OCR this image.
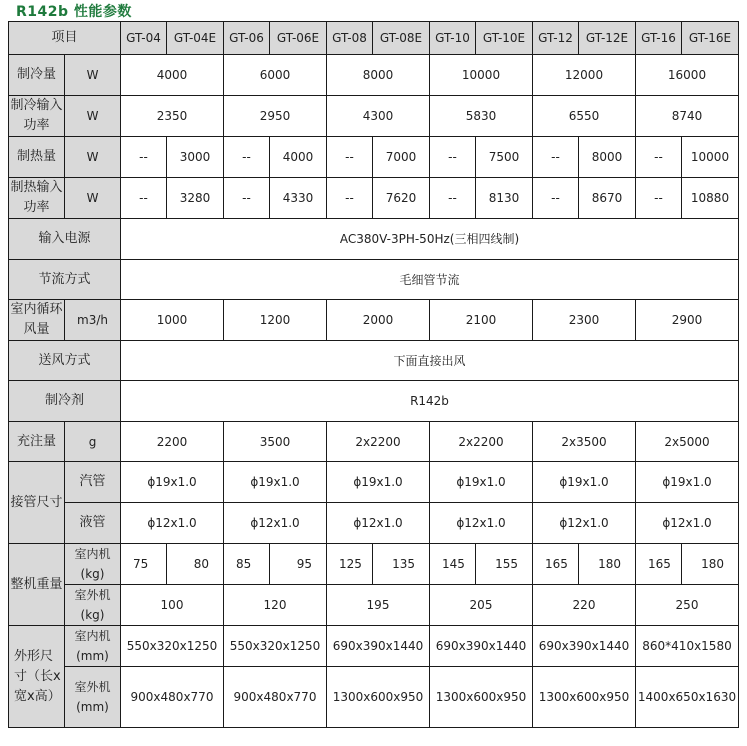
R142b 性能参数
项目		GT-04	GT-04E	GT-06	GT-06E	GT-08	GT-08E	GT-10	GT-10E	GT-12	GT-12E	GT-16	GT-16E
制冷量	W	4000		6000		8000		10000		12000		16000	
制冷输入功率	W	2350		2950		4300		5830		6550		8740	
制热量	W	--	3000	--	4000	--	7000	--	7500	--	8000	--	10000
制热输入功率	W	--	3280	--	4330	--	7620	--	8130	--	8670	--	10880
输入电源		AC380V-3PH-50Hz(三相四线制)											
节流方式		毛细管节流											
室内循环风量	m3/h	1000		1200		2000		2100		2300		2900	
送风方式		下面直接出风											
制冷剂		R142b											
充注量	g	2200		3500		2x2200		2x2200		2x3500		2x5000	
接管尺寸	汽管	ϕ19x1.0		ϕ19x1.0		ϕ19x1.0		ϕ19x1.0		ϕ19x1.0		ϕ19x1.0	
	液管	ϕ12x1.0		ϕ12x1.0		ϕ12x1.0		ϕ12x1.0		ϕ12x1.0		ϕ12x1.0	
整机重量	室内机(kg)	75	80	85	95	125	135	145	155	165	180	165	180
	室外机(kg)	100		120		195		205		220		250	
外形尺寸（长x宽x高）	室内机(mm)	550x320x1250		550x320x1250		690x390x1440		690x390x1440		690x390x1440		860*410x1580	
	室外机(mm)	900x480x770		900x480x770		1300x600x950		1300x600x950		1300x600x950		1400x650x1630	
